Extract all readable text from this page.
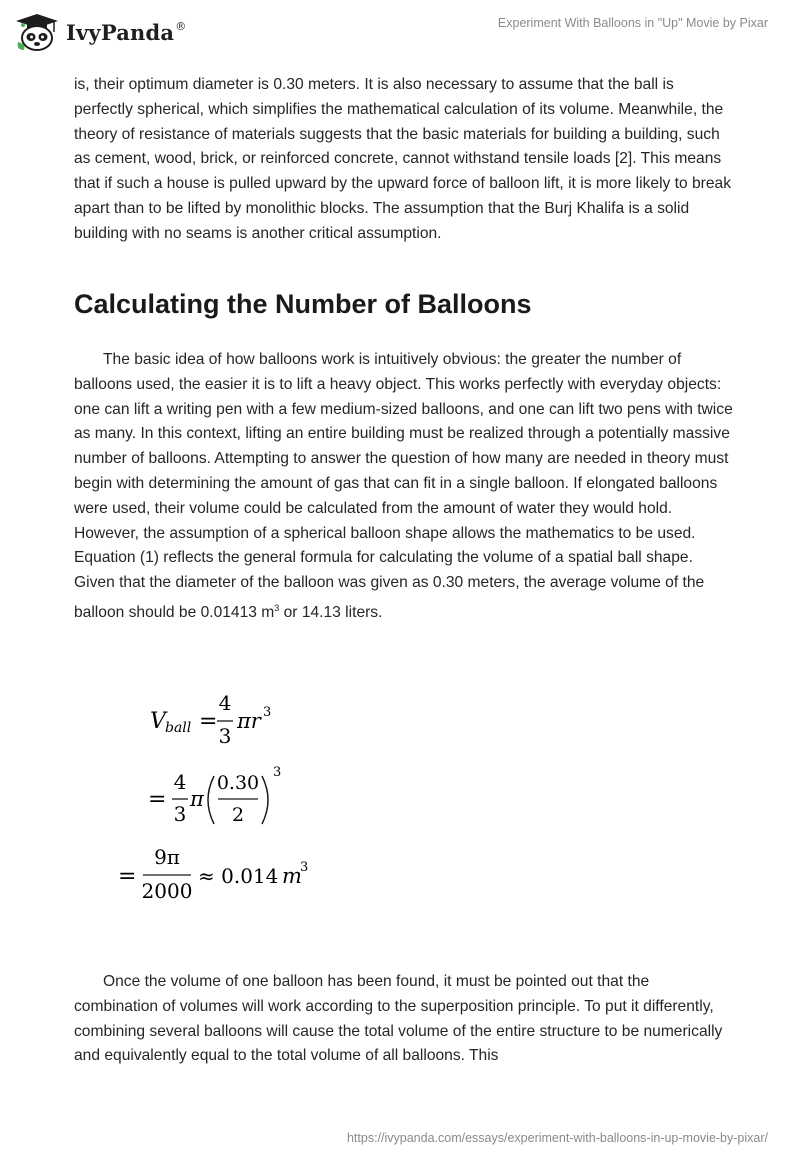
IvyPanda®	Experiment With Balloons in "Up" Movie by Pixar

is, their optimum diameter is 0.30 meters. It is also necessary to assume that the ball is perfectly spherical, which simplifies the mathematical calculation of its volume. Meanwhile, the theory of resistance of materials suggests that the basic materials for building a building, such as cement, wood, brick, or reinforced concrete, cannot withstand tensile loads [2]. This means that if such a house is pulled upward by the upward force of balloon lift, it is more likely to break apart than to be lifted by monolithic blocks. The assumption that the Burj Khalifa is a solid building with no seams is another critical assumption.

Calculating the Number of Balloons

The basic idea of how balloons work is intuitively obvious: the greater the number of balloons used, the easier it is to lift a heavy object. This works perfectly with everyday objects: one can lift a writing pen with a few medium-sized balloons, and one can lift two pens with twice as many. In this context, lifting an entire building must be realized through a potentially massive number of balloons. Attempting to answer the question of how many are needed in theory must begin with determining the amount of gas that can fit in a single balloon. If elongated balloons were used, their volume could be calculated from the amount of water they would hold. However, the assumption of a spherical balloon shape allows the mathematics to be used. Equation (1) reflects the general formula for calculating the volume of a spatial ball shape. Given that the diameter of the balloon was given as 0.30 meters, the average volume of the balloon should be 0.01413 $m^3$ or 14.13 liters.

V ball =
4
3
πr 3
=
4
3
π
0.30
2
3
=
9π
2000
≈ 0.014 m
3

Once the volume of one balloon has been found, it must be pointed out that the combination of volumes will work according to the superposition principle. To put it differently, combining several balloons will cause the total volume of the entire structure to be numerically and equivalently equal to the total volume of all balloons. This

https://ivypanda.com/essays/experiment-with-balloons-in-up-movie-by-pixar/
